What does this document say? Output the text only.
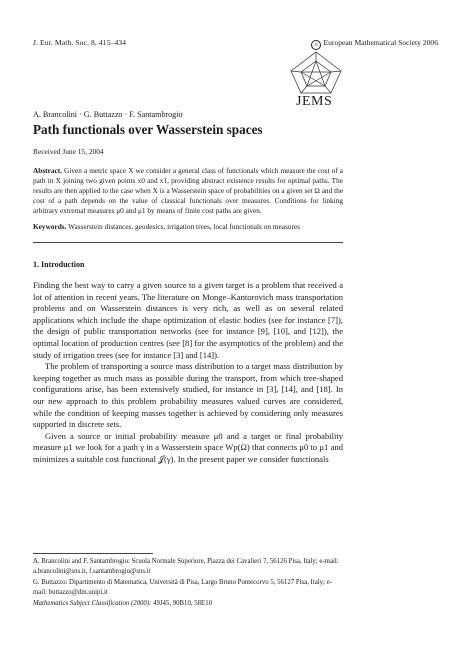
J. Eur. Math. Soc. 8, 415–434	c European Mathematical Society 2006
JEMS
A. Brancolini · G. Buttazzo · F. Santambrogio
Path functionals over Wasserstein spaces
Received June 15, 2004
Abstract. Given a metric space X we consider a general class of functionals which measure the cost of a path in X joining two given points x0 and x1, providing abstract existence results for optimal paths. The results are then applied to the case when X is a Wasserstein space of probabilities on a given set Ω and the cost of a path depends on the value of classical functionals over measures. Conditions for linking arbitrary extremal measures μ0 and μ1 by means of finite cost paths are given.
Keywords. Wasserstein distances, geodesics, irrigation trees, local functionals on measures
1. Introduction

Finding the best way to carry a given source to a given target is a problem that received a lot of attention in recent years. The literature on Monge–Kantorovich mass transportation problems and on Wasserstein distances is very rich, as well as on several related applications which include the shape optimization of elastic bodies (see for instance [7]), the design of public transportation networks (see for instance [9], [10], and [12]), the optimal location of production centres (see [8] for the asymptotics of the problem) and the study of irrigation trees (see for instance [3] and [14]).

The problem of transporting a source mass distribution to a target mass distribution by keeping together as much mass as possible during the transport, from which tree-shaped configurations arise, has been extensively studied, for instance in [3], [14], and [18]. In our new approach to this problem probability measures valued curves are considered, while the condition of keeping masses together is achieved by considering only measures supported in discrete sets.

Given a source or initial probability measure μ0 and a target or final probability measure μ1 we look for a path γ in a Wasserstein space Wp(Ω) that connects μ0 to μ1 and minimizes a suitable cost functional 𝒥(γ). In the present paper we consider functionals

A. Brancolini and F. Santambrogio: Scuola Normale Superiore, Piazza dei Cavalieri 7, 56126 Pisa, Italy; e-mail: a.brancolini@sns.it, f.santambrogio@sns.it

G. Buttazzo: Dipartimento di Matematica, Università di Pisa, Largo Bruno Pontecorvo 5, 56127 Pisa, Italy; e-mail: buttazzo@dm.unipi.it

Mathematics Subject Classification (2000): 49J45, 90B10, 58E10
